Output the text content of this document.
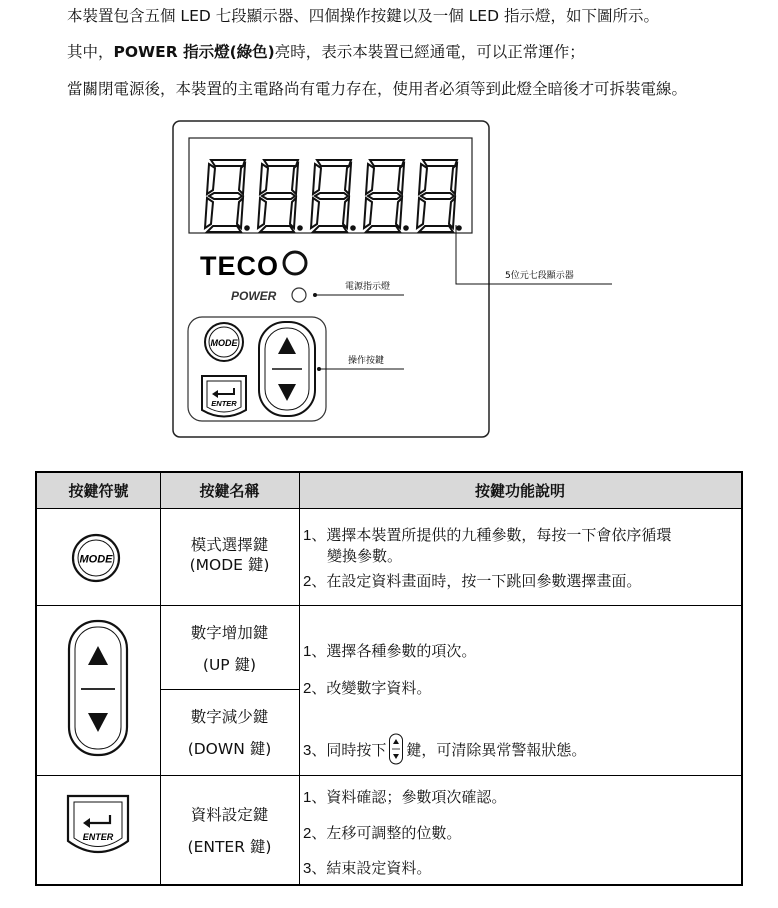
本裝置包含五個 LED 七段顯示器、四個操作按鍵以及一個 LED 指示燈，如下圖所示。
其中，POWER 指示燈(綠色)亮時，表示本裝置已經通電，可以正常運作；
當關閉電源後，本裝置的主電路尚有電力存在，使用者必須等到此燈全暗後才可拆裝電線。
5位元七段顯示器
TECO
POWER
電源指示燈
MODE
ENTER
操作按鍵
按鍵符號	按鍵名稱	按鍵功能說明
MODE
模式選擇鍵
(MODE 鍵)
1、選擇本裝置所提供的九種參數，每按一下會依序循環
變換參數。
2、在設定資料畫面時，按一下跳回參數選擇畫面。
數字增加鍵
(UP 鍵)
數字減少鍵
(DOWN 鍵)
1、選擇各種參數的項次。
2、改變數字資料。
3、同時按下 鍵，可清除異常警報狀態。
ENTER
資料設定鍵
(ENTER 鍵)
1、資料確認；參數項次確認。
2、左移可調整的位數。
3、結束設定資料。
